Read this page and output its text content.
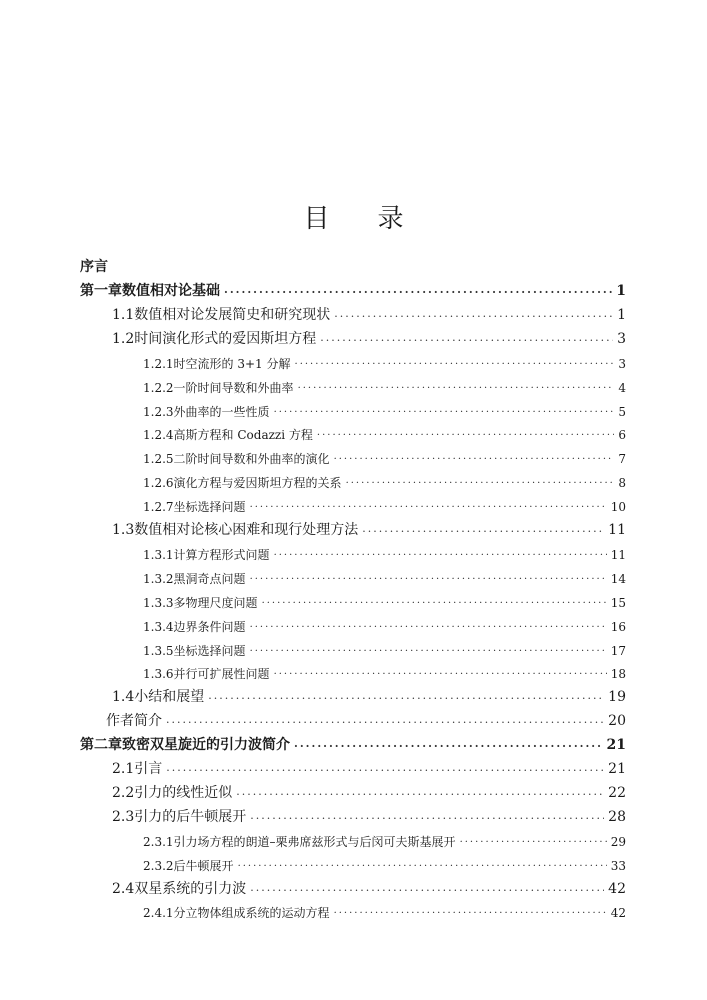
目 录
序言
第一章 数值相对论基础 ·····	1
1.1 数值相对论发展简史和研究现状 ·····	1
1.2 时间演化形式的爱因斯坦方程 ·····	3
1.2.1 时空流形的 3+1 分解 ·····	3
1.2.2 一阶时间导数和外曲率 ·····	4
1.2.3 外曲率的一些性质 ·····	5
1.2.4 高斯方程和 Codazzi 方程 ·····	6
1.2.5 二阶时间导数和外曲率的演化 ·····	7
1.2.6 演化方程与爱因斯坦方程的关系 ·····	8
1.2.7 坐标选择问题 ·····	10
1.3 数值相对论核心困难和现行处理方法 ·····	11
1.3.1 计算方程形式问题 ·····	11
1.3.2 黑洞奇点问题 ·····	14
1.3.3 多物理尺度问题 ·····	15
1.3.4 边界条件问题 ·····	16
1.3.5 坐标选择问题 ·····	17
1.3.6 并行可扩展性问题 ·····	18
1.4 小结和展望 ·····	19
作者简介 ·····	20
第二章 致密双星旋近的引力波简介 ·····	21
2.1 引言 ·····	21
2.2 引力的线性近似 ·····	22
2.3 引力的后牛顿展开 ·····	28
2.3.1 引力场方程的朗道–栗弗席兹形式与后闵可夫斯基展开 ·····	29
2.3.2 后牛顿展开 ·····	33
2.4 双星系统的引力波 ·····	42
2.4.1 分立物体组成系统的运动方程 ·····	42
